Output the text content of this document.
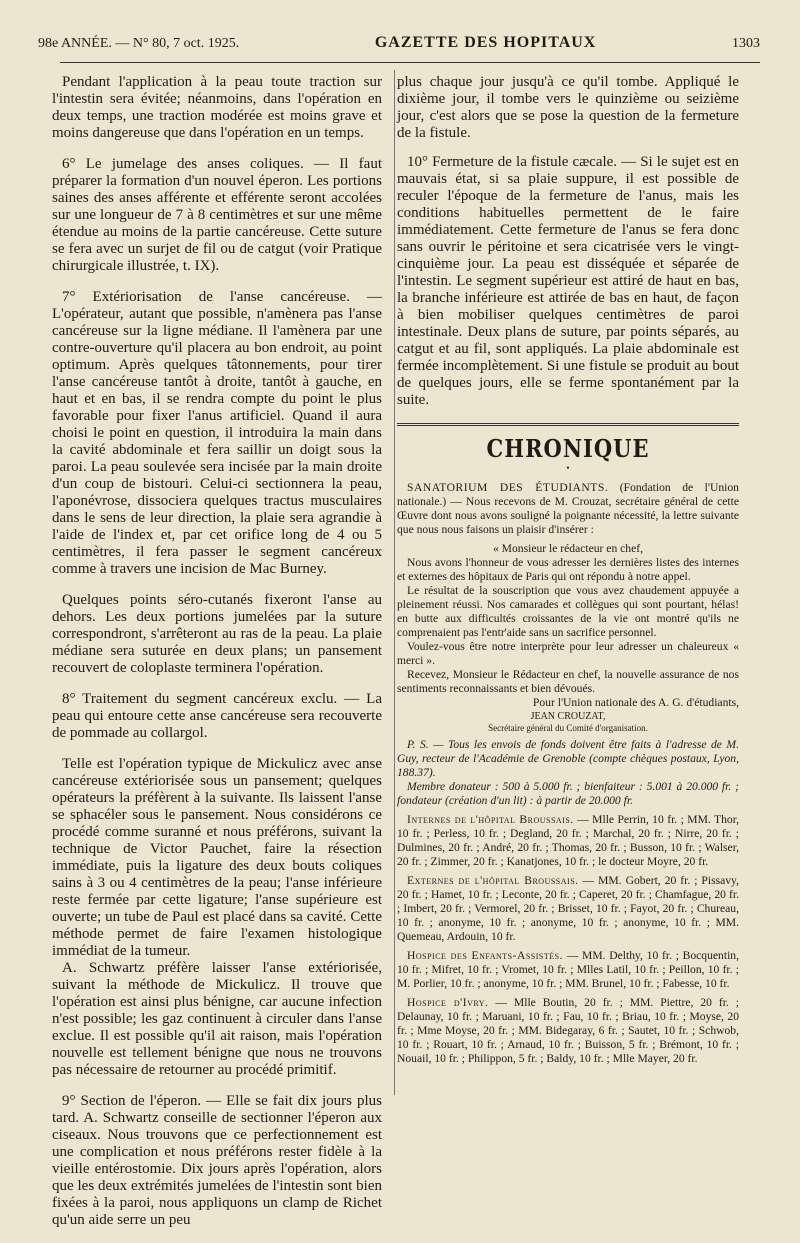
98e ANNÉE. — N° 80, 7 oct. 1925.	GAZETTE DES HOPITAUX	1303

Pendant l'application à la peau toute traction sur l'intestin sera évitée; néanmoins, dans l'opération en deux temps, une traction modérée est moins grave et moins dangereuse que dans l'opération en un temps.

6° Le jumelage des anses coliques. — Il faut préparer la formation d'un nouvel éperon. Les portions saines des anses afférente et efférente seront accolées sur une longueur de 7 à 8 centimètres et sur une même étendue au moins de la partie cancéreuse. Cette suture se fera avec un surjet de fil ou de catgut (voir Pratique chirurgicale illustrée, t. IX).

7° Extériorisation de l'anse cancéreuse. — L'opérateur, autant que possible, n'amènera pas l'anse cancéreuse sur la ligne médiane. Il l'amènera par une contre-ouverture qu'il placera au bon endroit, au point optimum. Après quelques tâtonnements, pour tirer l'anse cancéreuse tantôt à droite, tantôt à gauche, en haut et en bas, il se rendra compte du point le plus favorable pour fixer l'anus artificiel. Quand il aura choisi le point en question, il introduira la main dans la cavité abdominale et fera saillir un doigt sous la paroi. La peau soulevée sera incisée par la main droite d'un coup de bistouri. Celui-ci sectionnera la peau, l'aponévrose, dissociera quelques tractus musculaires dans le sens de leur direction, la plaie sera agrandie à l'aide de l'index et, par cet orifice long de 4 ou 5 centimètres, il fera passer le segment cancéreux comme à travers une incision de Mac Burney.

Quelques points séro-cutanés fixeront l'anse au dehors. Les deux portions jumelées par la suture correspondront, s'arrêteront au ras de la peau. La plaie médiane sera suturée en deux plans; un pansement recouvert de coloplaste terminera l'opération.

8° Traitement du segment cancéreux exclu. — La peau qui entoure cette anse cancéreuse sera recouverte de pommade au collargol.

Telle est l'opération typique de Mickulicz avec anse cancéreuse extériorisée sous un pansement; quelques opérateurs la préfèrent à la suivante. Ils laissent l'anse se sphacéler sous le pansement. Nous considérons ce procédé comme suranné et nous préférons, suivant la technique de Victor Pauchet, faire la résection immédiate, puis la ligature des deux bouts coliques sains à 3 ou 4 centimètres de la peau; l'anse inférieure reste fermée par cette ligature; l'anse supérieure est ouverte; un tube de Paul est placé dans sa cavité. Cette méthode permet de faire l'examen histologique immédiat de la tumeur.

A. Schwartz préfère laisser l'anse extériorisée, suivant la méthode de Mickulicz. Il trouve que l'opération est ainsi plus bénigne, car aucune infection n'est possible; les gaz continuent à circuler dans l'anse exclue. Il est possible qu'il ait raison, mais l'opération nouvelle est tellement bénigne que nous ne trouvons pas nécessaire de retourner au procédé primitif.

9° Section de l'éperon. — Elle se fait dix jours plus tard. A. Schwartz conseille de sectionner l'éperon aux ciseaux. Nous trouvons que ce perfectionnement est une complication et nous préférons rester fidèle à la vieille entérostomie. Dix jours après l'opération, alors que les deux extrémités jumelées de l'intestin sont bien fixées à la paroi, nous appliquons un clamp de Richet qu'un aide serre un peu

plus chaque jour jusqu'à ce qu'il tombe. Appliqué le dixième jour, il tombe vers le quinzième ou seizième jour, c'est alors que se pose la question de la fermeture de la fistule.

10° Fermeture de la fistule cæcale. — Si le sujet est en mauvais état, si sa plaie suppure, il est possible de reculer l'époque de la fermeture de l'anus, mais les conditions habituelles permettent de le faire immédiatement. Cette fermeture de l'anus se fera donc sans ouvrir le péritoine et sera cicatrisée vers le vingt-cinquième jour. La peau est disséquée et séparée de l'intestin. Le segment supérieur est attiré de haut en bas, la branche inférieure est attirée de bas en haut, de façon à bien mobiliser quelques centimètres de paroi intestinale. Deux plans de suture, par points séparés, au catgut et au fil, sont appliqués. La plaie abdominale est fermée incomplètement. Si une fistule se produit au bout de quelques jours, elle se ferme spontanément par la suite.

CHRONIQUE
•

SANATORIUM DES ÉTUDIANTS. (Fondation de l'Union nationale.) — Nous recevons de M. Crouzat, secrétaire général de cette Œuvre dont nous avons souligné la poignante nécessité, la lettre suivante que nous nous faisons un plaisir d'insérer :

« Monsieur le rédacteur en chef,

Nous avons l'honneur de vous adresser les dernières listes des internes et externes des hôpitaux de Paris qui ont répondu à notre appel.

Le résultat de la souscription que vous avez chaudement appuyée a pleinement réussi. Nos camarades et collègues qui sont pourtant, hélas! en butte aux difficultés croissantes de la vie ont montré qu'ils ne comprenaient pas l'entr'aide sans un sacrifice personnel.

Voulez-vous être notre interprète pour leur adresser un chaleureux « merci ».

Recevez, Monsieur le Rédacteur en chef, la nouvelle assurance de nos sentiments reconnaissants et bien dévoués.

Pour l'Union nationale des A. G. d'étudiants,

JEAN CROUZAT,
Secrétaire général du Comité d'organisation.

P. S. — Tous les envois de fonds doivent être faits à l'adresse de M. Guy, recteur de l'Académie de Grenoble (compte chèques postaux, Lyon, 188.37).

Membre donateur : 500 à 5.000 fr. ; bienfaiteur : 5.001 à 20.000 fr. ; fondateur (création d'un lit) : à partir de 20.000 fr.

Internes de l'hôpital Broussais. — Mlle Perrin, 10 fr. ; MM. Thor, 10 fr. ; Perless, 10 fr. ; Degland, 20 fr. ; Marchal, 20 fr. ; Nirre, 20 fr. ; Dulmines, 20 fr. ; André, 20 fr. ; Thomas, 20 fr. ; Busson, 10 fr. ; Walser, 20 fr. ; Zimmer, 20 fr. ; Kanatjones, 10 fr. ; le docteur Moyre, 20 fr.

Externes de l'hôpital Broussais. — MM. Gobert, 20 fr. ; Pissavy, 20 fr. ; Hamet, 10 fr. ; Leconte, 20 fr. ; Caperet, 20 fr. ; Chamfague, 20 fr. ; Imbert, 20 fr. ; Vermorel, 20 fr. ; Brisset, 10 fr. ; Fayot, 20 fr. ; Chureau, 10 fr. ; anonyme, 10 fr. ; anonyme, 10 fr. ; anonyme, 10 fr. ; MM. Quemeau, Ardouin, 10 fr.

Hospice des Enfants-Assistés. — MM. Delthy, 10 fr. ; Bocquentin, 10 fr. ; Mifret, 10 fr. ; Vromet, 10 fr. ; Mlles Latil, 10 fr. ; Peillon, 10 fr. ; M. Porlier, 10 fr. ; anonyme, 10 fr. ; MM. Brunel, 10 fr. ; Fabesse, 10 fr.

Hospice d'Ivry. — Mlle Boutin, 20 fr. ; MM. Piettre, 20 fr. ; Delaunay, 10 fr. ; Maruani, 10 fr. ; Fau, 10 fr. ; Briau, 10 fr. ; Moyse, 20 fr. ; Mme Moyse, 20 fr. ; MM. Bidegaray, 6 fr. ; Sautet, 10 fr. ; Schwob, 10 fr. ; Rouart, 10 fr. ; Arnaud, 10 fr. ; Buisson, 5 fr. ; Brémont, 10 fr. ; Nouail, 10 fr. ; Philippon, 5 fr. ; Baldy, 10 fr. ; Mlle Mayer, 20 fr.
